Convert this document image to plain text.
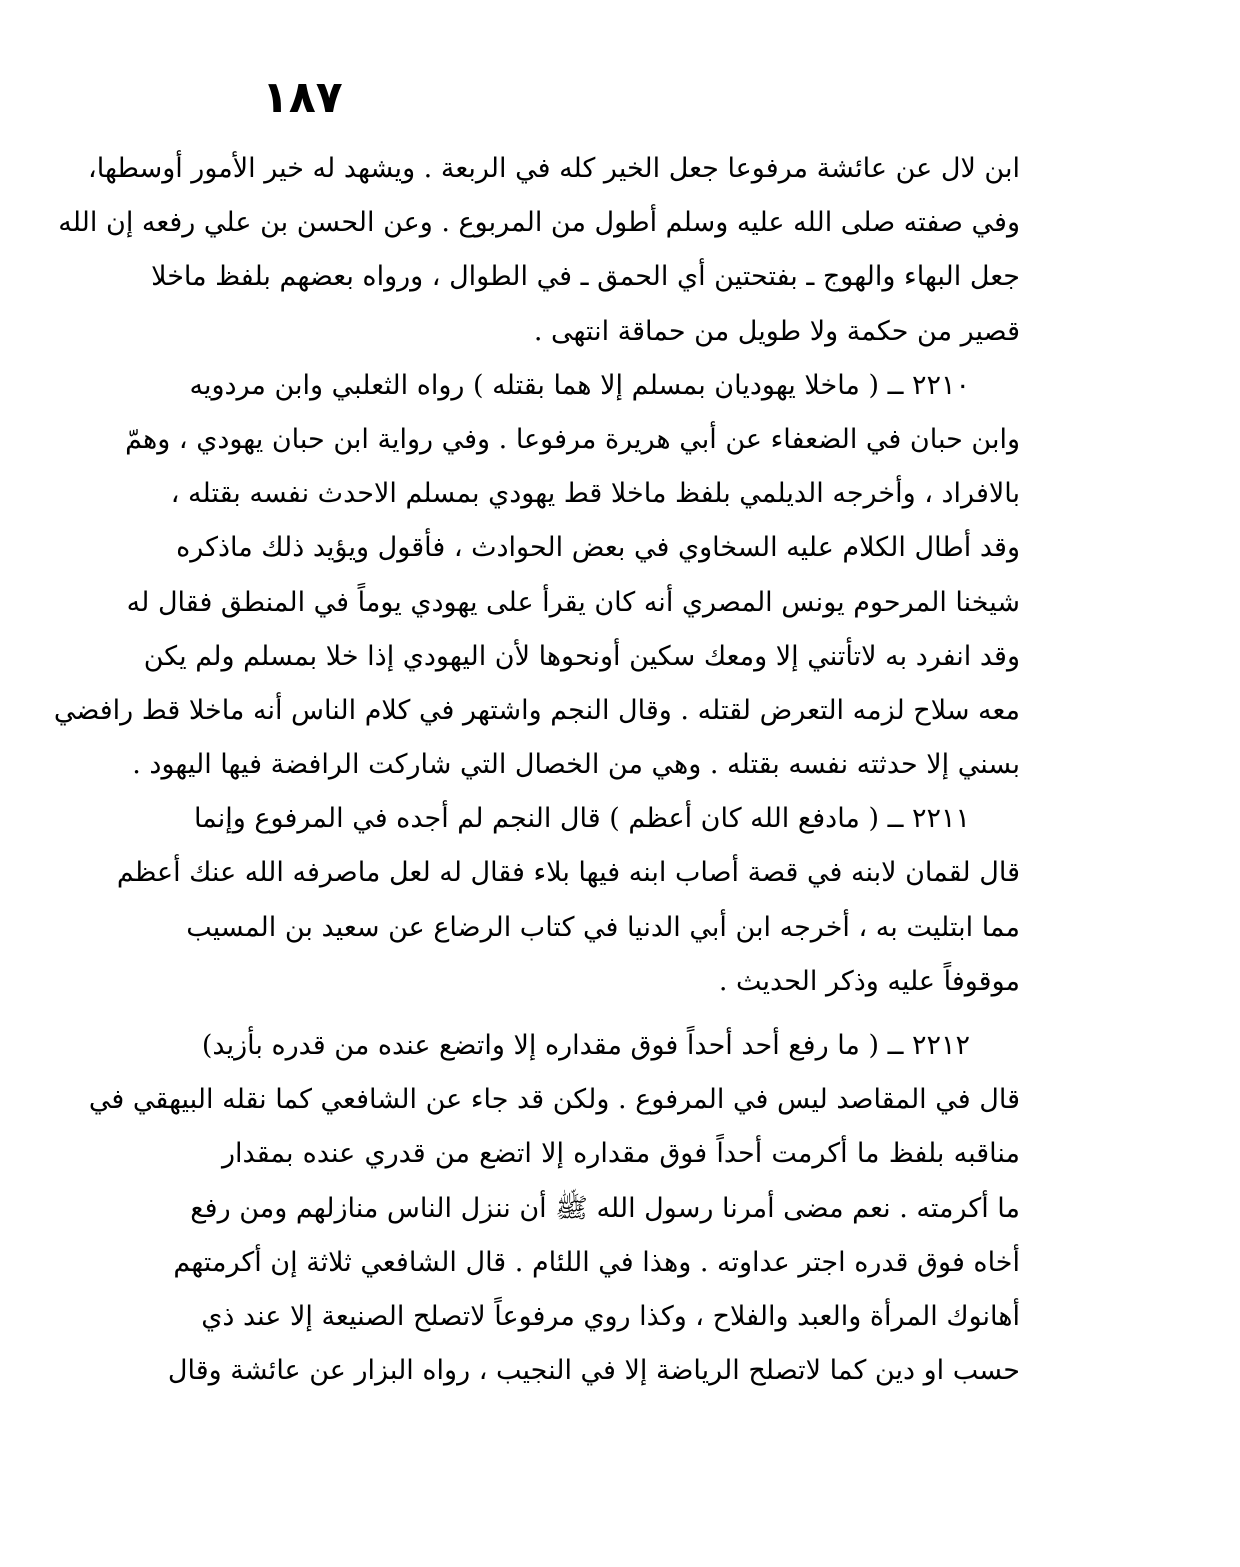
١٨٧
ابن لال عن عائشة مرفوعا جعل الخير كله في الربعة . ويشهد له خير الأمور أوسطها،
وفي صفته صلى الله عليه وسلم أطول من المربوع . وعن الحسن بن علي رفعه إن الله
جعل البهاء والهوج ـ بفتحتين أي الحمق ـ في الطوال ، ورواه بعضهم بلفظ ماخلا
قصير من حكمة ولا طويل من حماقة انتهى .
٢٢١٠ ــ ( ماخلا يهوديان بمسلم إلا هما بقتله ) رواه الثعلبي وابن مردويه
وابن حبان في الضعفاء عن أبي هريرة مرفوعا . وفي رواية ابن حبان يهودي ، وهمّ
بالافراد ، وأخرجه الديلمي بلفظ ماخلا قط يهودي بمسلم الاحدث نفسه بقتله ،
وقد أطال الكلام عليه السخاوي في بعض الحوادث ، فأقول ويؤيد ذلك ماذكره
شيخنا المرحوم يونس المصري أنه كان يقرأ على يهودي يوماً في المنطق فقال له
وقد انفرد به لاتأتني إلا ومعك سكين أونحوها لأن اليهودي إذا خلا بمسلم ولم يكن
معه سلاح لزمه التعرض لقتله . وقال النجم واشتهر في كلام الناس أنه ماخلا قط رافضي
بسني إلا حدثته نفسه بقتله . وهي من الخصال التي شاركت الرافضة فيها اليهود .
٢٢١١ ــ ( مادفع الله كان أعظم ) قال النجم لم أجده في المرفوع وإنما
قال لقمان لابنه في قصة أصاب ابنه فيها بلاء فقال له لعل ماصرفه الله عنك أعظم
مما ابتليت به ، أخرجه ابن أبي الدنيا في كتاب الرضاع عن سعيد بن المسيب
موقوفاً عليه وذكر الحديث .
٢٢١٢ ــ ( ما رفع أحد أحداً فوق مقداره إلا واتضع عنده من قدره بأزيد)
قال في المقاصد ليس في المرفوع . ولكن قد جاء عن الشافعي كما نقله البيهقي في
مناقبه بلفظ ما أكرمت أحداً فوق مقداره إلا اتضع من قدري عنده بمقدار
ما أكرمته . نعم مضى أمرنا رسول الله ﷺ أن ننزل الناس منازلهم ومن رفع
أخاه فوق قدره اجتر عداوته . وهذا في اللئام . قال الشافعي ثلاثة إن أكرمتهم
أهانوك المرأة والعبد والفلاح ، وكذا روي مرفوعاً لاتصلح الصنيعة إلا عند ذي
حسب او دين كما لاتصلح الرياضة إلا في النجيب ، رواه البزار عن عائشة وقال
